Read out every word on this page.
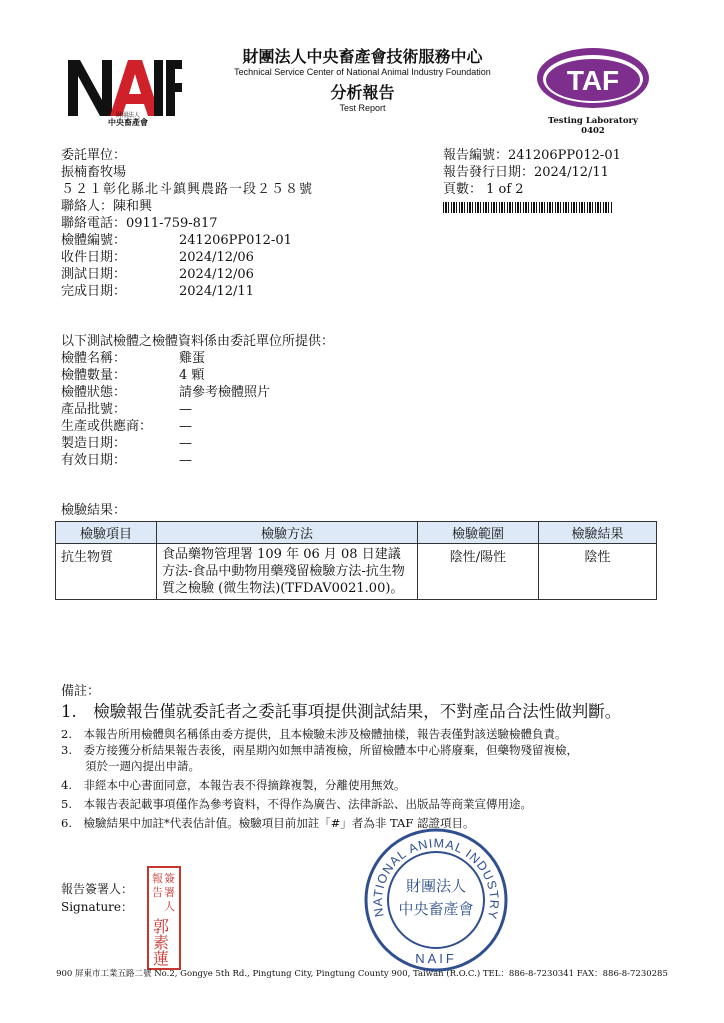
財團法人
中央畜產會
財團法人中央畜產會技術服務中心
Technical Service Center of National Animal Industry Foundation
分析報告
Test Report
TAF
Testing Laboratory
0402
委託單位：
振楠畜牧場
５２１彰化縣北斗鎮興農路一段２５８號
聯絡人：陳和興
聯絡電話：0911-759-817
檢體編號：	241206PP012-01
收件日期：	2024/12/06
測試日期：	2024/12/06
完成日期：	2024/12/11
報告編號：241206PP012-01
報告發行日期：2024/12/11
頁數： 1 of 2
以下測試檢體之檢體資料係由委託單位所提供：
檢體名稱：	雞蛋
檢體數量：	4 顆
檢體狀態：	請參考檢體照片
產品批號：	—
生產或供應商：	—
製造日期：	—
有效日期：	—
檢驗結果：
檢驗項目	檢驗方法	檢驗範圍	檢驗結果
抗生物質	食品藥物管理署 109 年 06 月 08 日建議方法-食品中動物用藥殘留檢驗方法-抗生物質之檢驗 (微生物法)(TFDAV0021.00)。	陰性/陽性	陰性
備註：
1.　檢驗報告僅就委託者之委託事項提供測試結果，不對產品合法性做判斷。
2.　本報告所用檢體與名稱係由委方提供，且本檢驗未涉及檢體抽樣，報告表僅對該送驗檢體負責。
3.　委方接獲分析結果報告表後，兩星期內如無申請複檢，所留檢體本中心將廢棄，但藥物殘留複檢，
須於一週內提出申請。
4.　非經本中心書面同意，本報告表不得摘錄複製，分離使用無效。
5.　本報告表記載事項僅作為參考資料，不得作為廣告、法律訴訟、出版品等商業宣傳用途。
6.　檢驗結果中加註*代表估計值。檢驗項目前加註「#」者為非 TAF 認證項目。
報告簽署人：
Signature：
報 簽
告 署
人
郭
素
蓮
NATIONAL ANIMAL INDUSTRY
財團法人
中央畜產會
NAIF
900 屏東市工業五路二號 No.2, Gongye 5th Rd., Pingtung City, Pingtung County 900, Taiwan (R.O.C.) TEL：886-8-7230341 FAX：886-8-7230285
